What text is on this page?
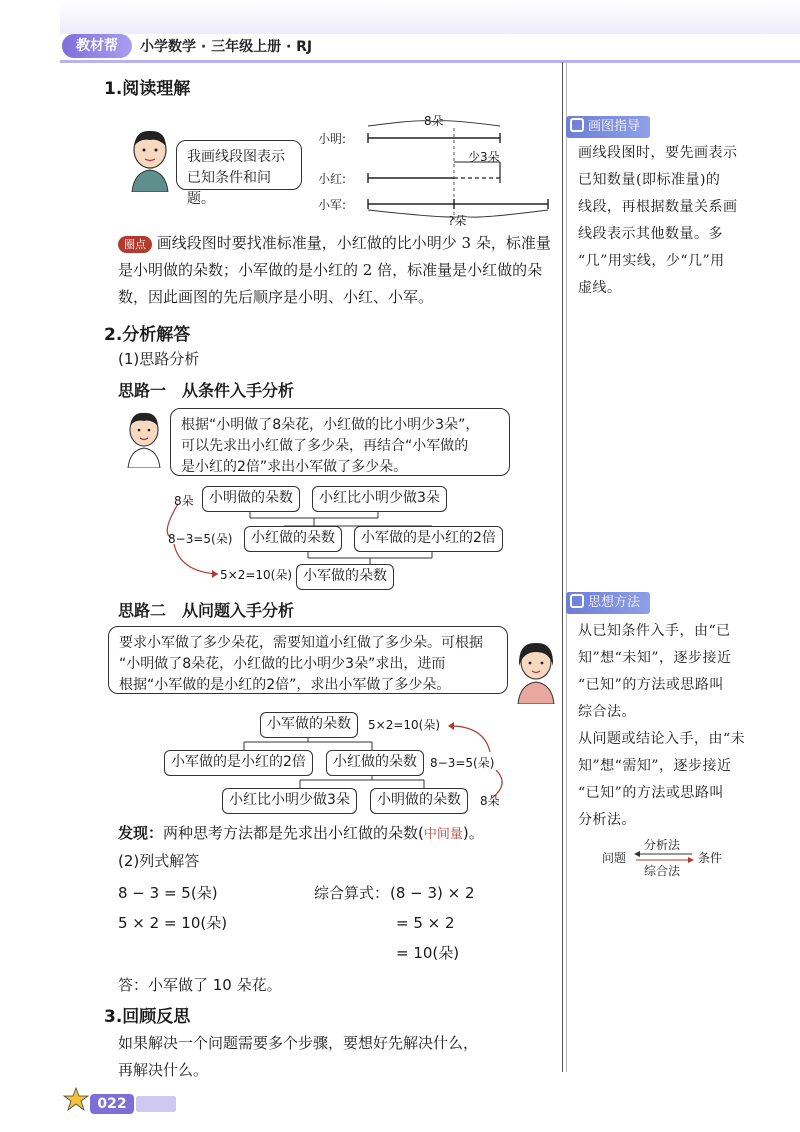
教材帮	小学数学 · 三年级上册 · RJ
1.阅读理解
我画线段图表示
已知条件和问题。
小明:
小红:
小军:
8朵
少3朵
?朵
圈点 画线段图时要找准标准量，小红做的比小明少 3 朵，标准量
是小明做的朵数；小军做的是小红的 2 倍，标准量是小红做的朵
数，因此画图的先后顺序是小明、小红、小军。
2.分析解答
(1)思路分析
思路一　从条件入手分析
根据“小明做了8朵花，小红做的比小明少3朵”，
可以先求出小红做了多少朵，再结合“小军做的
是小红的2倍”求出小军做了多少朵。
8朵
8−3=5(朵)
5×2=10(朵)
小明做的朵数	小红比小明少做3朵
小红做的朵数	小军做的是小红的2倍
小军做的朵数
思路二　从问题入手分析
要求小军做了多少朵花，需要知道小红做了多少朵。可根据
“小明做了8朵花，小红做的比小明少3朵”求出，进而
根据“小军做的是小红的2倍”，求出小军做了多少朵。
小军做的朵数	5×2=10(朵)
小军做的是小红的2倍	小红做的朵数	8−3=5(朵)
小红比小明少做3朵	小明做的朵数	8朵
发现：两种思考方法都是先求出小红做的朵数(中间量)。
(2)列式解答
8 − 3 = 5(朵)
5 × 2 = 10(朵)
综合算式： (8 − 3) × 2
= 5 × 2
= 10(朵)
答：小军做了 10 朵花。
3.回顾反思
如果解决一个问题需要多个步骤，要想好先解决什么，
再解决什么。
画图指导
画线段图时，要先画表示
已知数量(即标准量)的
线段，再根据数量关系画
线段表示其他数量。多
“几”用实线，少“几”用
虚线。
思想方法
从已知条件入手，由“已
知”想“未知”，逐步接近
“已知”的方法或思路叫
综合法。
从问题或结论入手，由“未
知”想“需知”，逐步接近
“已知”的方法或思路叫
分析法。
问题
分析法
综合法
条件
022
